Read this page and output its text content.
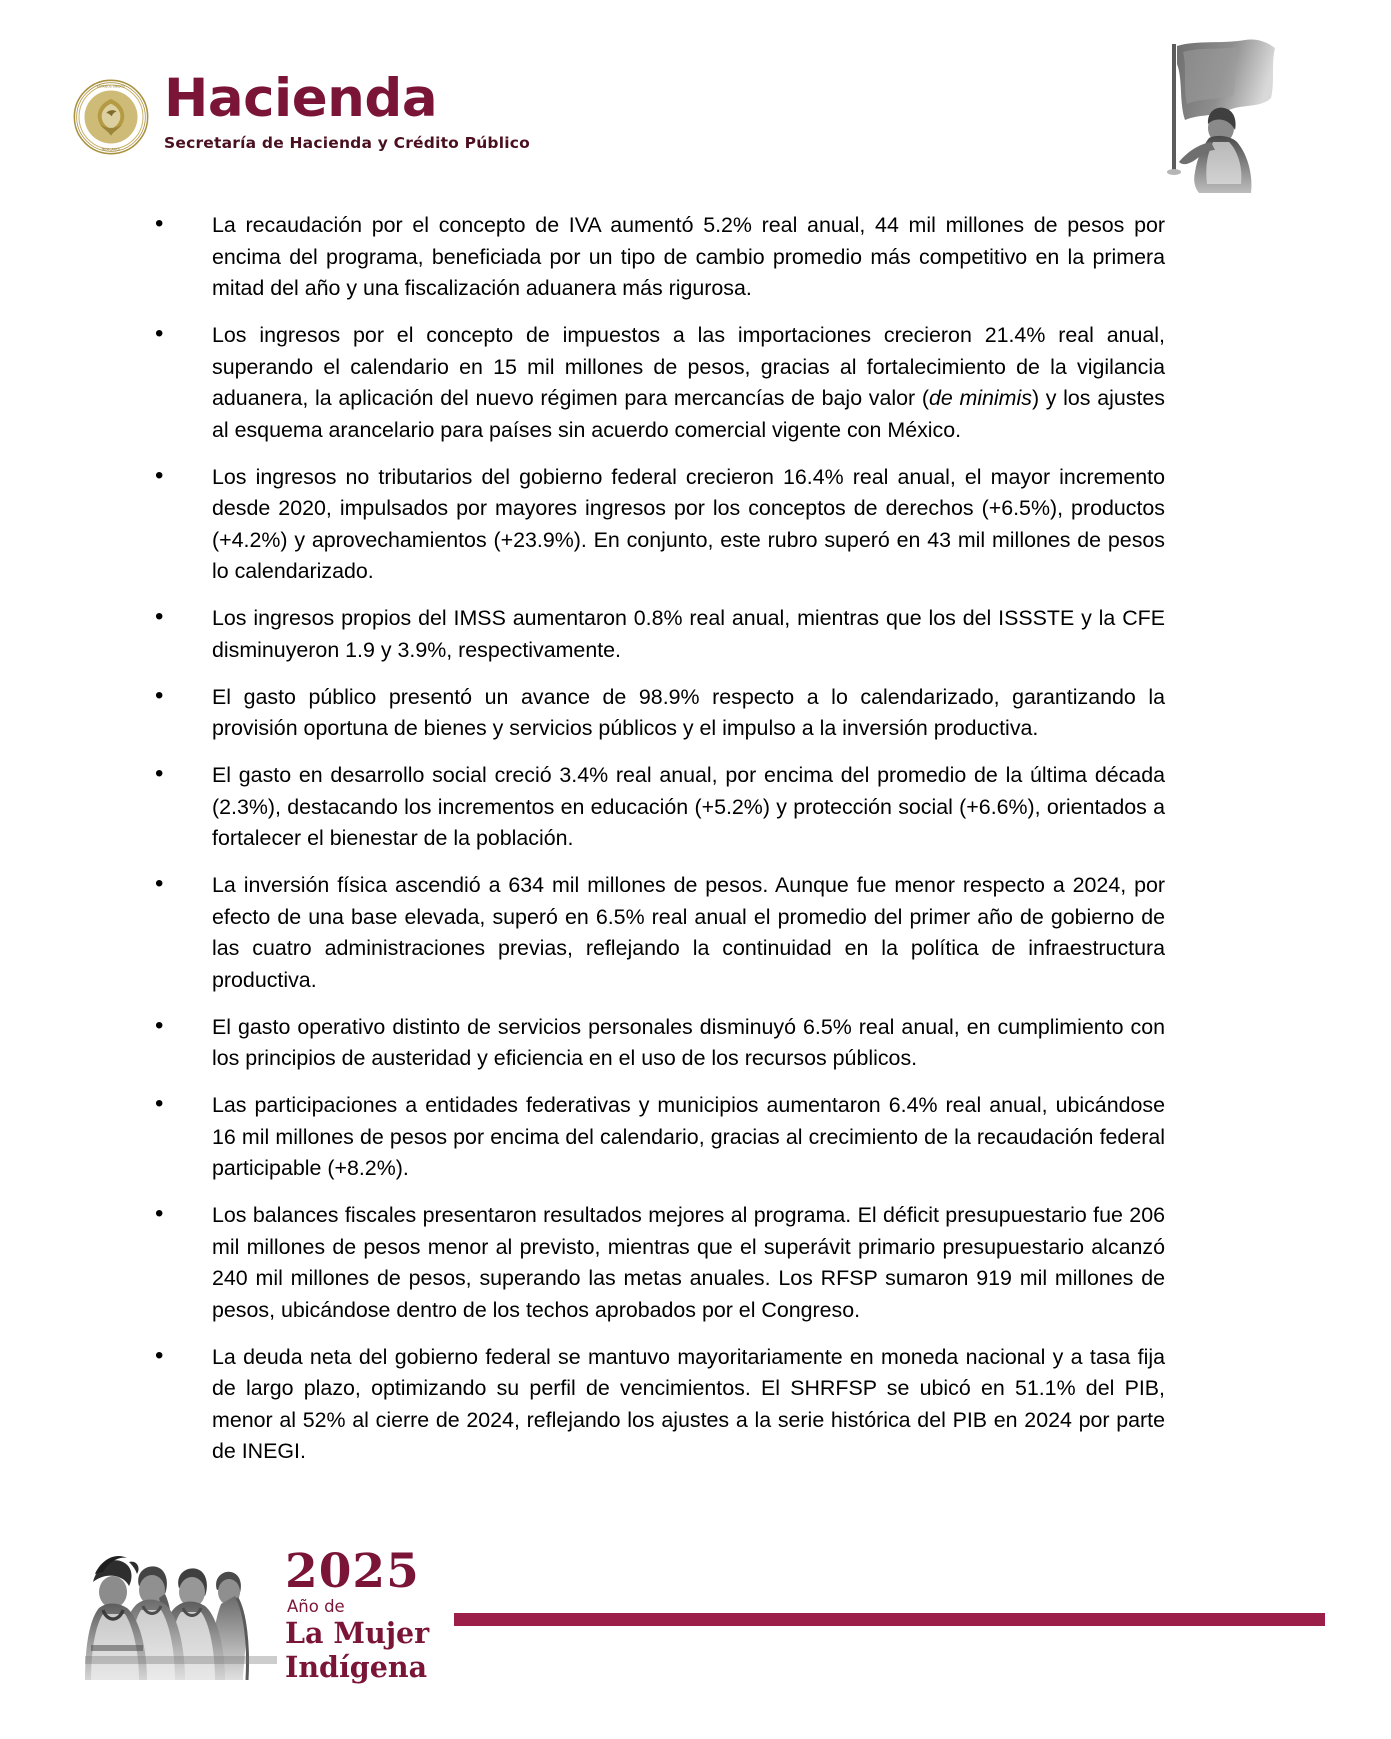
ESTADOS UNIDOS
MEXICANOS
Hacienda
Secretaría de Hacienda y Crédito Público
• La recaudación por el concepto de IVA aumentó 5.2% real anual, 44 mil millones de pesos por encima del programa, beneficiada por un tipo de cambio promedio más competitivo en la primera mitad del año y una fiscalización aduanera más rigurosa.
• Los ingresos por el concepto de impuestos a las importaciones crecieron 21.4% real anual, superando el calendario en 15 mil millones de pesos, gracias al fortalecimiento de la vigilancia aduanera, la aplicación del nuevo régimen para mercancías de bajo valor (de minimis) y los ajustes al esquema arancelario para países sin acuerdo comercial vigente con México.
• Los ingresos no tributarios del gobierno federal crecieron 16.4% real anual, el mayor incremento desde 2020, impulsados por mayores ingresos por los conceptos de derechos (+6.5%), productos (+4.2%) y aprovechamientos (+23.9%). En conjunto, este rubro superó en 43 mil millones de pesos lo calendarizado.
• Los ingresos propios del IMSS aumentaron 0.8% real anual, mientras que los del ISSSTE y la CFE disminuyeron 1.9 y 3.9%, respectivamente.
• El gasto público presentó un avance de 98.9% respecto a lo calendarizado, garantizando la provisión oportuna de bienes y servicios públicos y el impulso a la inversión productiva.
• El gasto en desarrollo social creció 3.4% real anual, por encima del promedio de la última década (2.3%), destacando los incrementos en educación (+5.2%) y protección social (+6.6%), orientados a fortalecer el bienestar de la población.
• La inversión física ascendió a 634 mil millones de pesos. Aunque fue menor respecto a 2024, por efecto de una base elevada, superó en 6.5% real anual el promedio del primer año de gobierno de las cuatro administraciones previas, reflejando la continuidad en la política de infraestructura productiva.
• El gasto operativo distinto de servicios personales disminuyó 6.5% real anual, en cumplimiento con los principios de austeridad y eficiencia en el uso de los recursos públicos.
• Las participaciones a entidades federativas y municipios aumentaron 6.4% real anual, ubicándose 16 mil millones de pesos por encima del calendario, gracias al crecimiento de la recaudación federal participable (+8.2%).
• Los balances fiscales presentaron resultados mejores al programa. El déficit presupuestario fue 206 mil millones de pesos menor al previsto, mientras que el superávit primario presupuestario alcanzó 240 mil millones de pesos, superando las metas anuales. Los RFSP sumaron 919 mil millones de pesos, ubicándose dentro de los techos aprobados por el Congreso.
• La deuda neta del gobierno federal se mantuvo mayoritariamente en moneda nacional y a tasa fija de largo plazo, optimizando su perfil de vencimientos. El SHRFSP se ubicó en 51.1% del PIB, menor al 52% al cierre de 2024, reflejando los ajustes a la serie histórica del PIB en 2024 por parte de INEGI.
2025
Año de
La Mujer
Indígena
